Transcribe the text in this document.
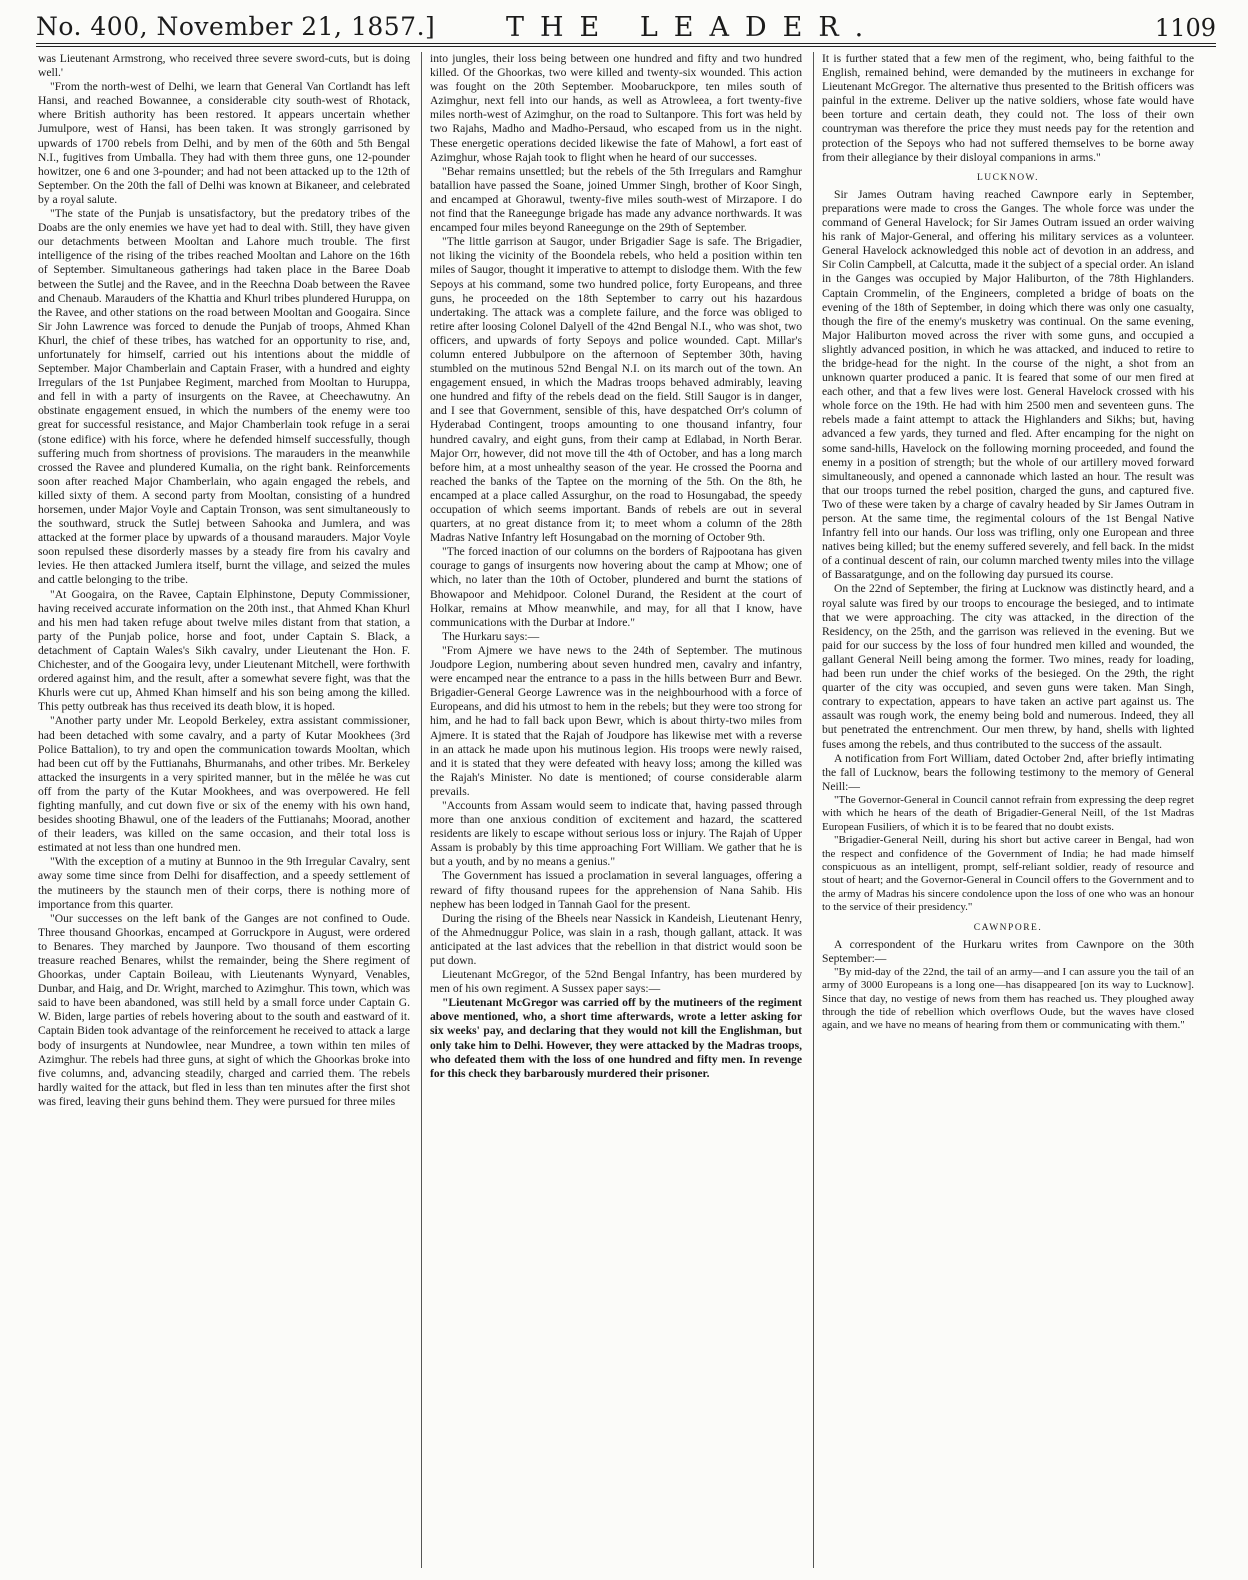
No. 400, November 21, 1857.]	THE LEADER.	1109

was Lieutenant Armstrong, who received three severe sword-cuts, but is doing well.'

"From the north-west of Delhi, we learn that General Van Cortlandt has left Hansi, and reached Bowannee, a considerable city south-west of Rhotack, where British authority has been restored. It appears uncertain whether Jumulpore, west of Hansi, has been taken. It was strongly garrisoned by upwards of 1700 rebels from Delhi, and by men of the 60th and 5th Bengal N.I., fugitives from Umballa. They had with them three guns, one 12-pounder howitzer, one 6 and one 3-pounder; and had not been attacked up to the 12th of September. On the 20th the fall of Delhi was known at Bikaneer, and celebrated by a royal salute.

"The state of the Punjab is unsatisfactory, but the predatory tribes of the Doabs are the only enemies we have yet had to deal with. Still, they have given our detachments between Mooltan and Lahore much trouble. The first intelligence of the rising of the tribes reached Mooltan and Lahore on the 16th of September. Simultaneous gatherings had taken place in the Baree Doab between the Sutlej and the Ravee, and in the Reechna Doab between the Ravee and Chenaub. Marauders of the Khattia and Khurl tribes plundered Huruppa, on the Ravee, and other stations on the road between Mooltan and Googaira. Since Sir John Lawrence was forced to denude the Punjab of troops, Ahmed Khan Khurl, the chief of these tribes, has watched for an opportunity to rise, and, unfortunately for himself, carried out his intentions about the middle of September. Major Chamberlain and Captain Fraser, with a hundred and eighty Irregulars of the 1st Punjabee Regiment, marched from Mooltan to Huruppa, and fell in with a party of insurgents on the Ravee, at Cheechawutny. An obstinate engagement ensued, in which the numbers of the enemy were too great for successful resistance, and Major Chamberlain took refuge in a serai (stone edifice) with his force, where he defended himself successfully, though suffering much from shortness of provisions. The marauders in the meanwhile crossed the Ravee and plundered Kumalia, on the right bank. Reinforcements soon after reached Major Chamberlain, who again engaged the rebels, and killed sixty of them. A second party from Mooltan, consisting of a hundred horsemen, under Major Voyle and Captain Tronson, was sent simultaneously to the southward, struck the Sutlej between Sahooka and Jumlera, and was attacked at the former place by upwards of a thousand marauders. Major Voyle soon repulsed these disorderly masses by a steady fire from his cavalry and levies. He then attacked Jumlera itself, burnt the village, and seized the mules and cattle belonging to the tribe.

"At Googaira, on the Ravee, Captain Elphinstone, Deputy Commissioner, having received accurate information on the 20th inst., that Ahmed Khan Khurl and his men had taken refuge about twelve miles distant from that station, a party of the Punjab police, horse and foot, under Captain S. Black, a detachment of Captain Wales's Sikh cavalry, under Lieutenant the Hon. F. Chichester, and of the Googaira levy, under Lieutenant Mitchell, were forthwith ordered against him, and the result, after a somewhat severe fight, was that the Khurls were cut up, Ahmed Khan himself and his son being among the killed. This petty outbreak has thus received its death blow, it is hoped.

"Another party under Mr. Leopold Berkeley, extra assistant commissioner, had been detached with some cavalry, and a party of Kutar Mookhees (3rd Police Battalion), to try and open the communication towards Mooltan, which had been cut off by the Futtianahs, Bhurmanahs, and other tribes. Mr. Berkeley attacked the insurgents in a very spirited manner, but in the mêlée he was cut off from the party of the Kutar Mookhees, and was overpowered. He fell fighting manfully, and cut down five or six of the enemy with his own hand, besides shooting Bhawul, one of the leaders of the Futtianahs; Moorad, another of their leaders, was killed on the same occasion, and their total loss is estimated at not less than one hundred men.

"With the exception of a mutiny at Bunnoo in the 9th Irregular Cavalry, sent away some time since from Delhi for disaffection, and a speedy settlement of the mutineers by the staunch men of their corps, there is nothing more of importance from this quarter.

"Our successes on the left bank of the Ganges are not confined to Oude. Three thousand Ghoorkas, encamped at Gorruckpore in August, were ordered to Benares. They marched by Jaunpore. Two thousand of them escorting treasure reached Benares, whilst the remainder, being the Shere regiment of Ghoorkas, under Captain Boileau, with Lieutenants Wynyard, Venables, Dunbar, and Haig, and Dr. Wright, marched to Azimghur. This town, which was said to have been abandoned, was still held by a small force under Captain G. W. Biden, large parties of rebels hovering about to the south and eastward of it. Captain Biden took advantage of the reinforcement he received to attack a large body of insurgents at Nundowlee, near Mundree, a town within ten miles of Azimghur. The rebels had three guns, at sight of which the Ghoorkas broke into five columns, and, advancing steadily, charged and carried them. The rebels hardly waited for the attack, but fled in less than ten minutes after the first shot was fired, leaving their guns behind them. They were pursued for three miles

into jungles, their loss being between one hundred and fifty and two hundred killed. Of the Ghoorkas, two were killed and twenty-six wounded. This action was fought on the 20th September. Moobaruckpore, ten miles south of Azimghur, next fell into our hands, as well as Atrowleea, a fort twenty-five miles north-west of Azimghur, on the road to Sultanpore. This fort was held by two Rajahs, Madho and Madho-Persaud, who escaped from us in the night. These energetic operations decided likewise the fate of Mahowl, a fort east of Azimghur, whose Rajah took to flight when he heard of our successes.

"Behar remains unsettled; but the rebels of the 5th Irregulars and Ramghur batallion have passed the Soane, joined Ummer Singh, brother of Koor Singh, and encamped at Ghorawul, twenty-five miles south-west of Mirzapore. I do not find that the Raneegunge brigade has made any advance northwards. It was encamped four miles beyond Raneegunge on the 29th of September.

"The little garrison at Saugor, under Brigadier Sage is safe. The Brigadier, not liking the vicinity of the Boondela rebels, who held a position within ten miles of Saugor, thought it imperative to attempt to dislodge them. With the few Sepoys at his command, some two hundred police, forty Europeans, and three guns, he proceeded on the 18th September to carry out his hazardous undertaking. The attack was a complete failure, and the force was obliged to retire after loosing Colonel Dalyell of the 42nd Bengal N.I., who was shot, two officers, and upwards of forty Sepoys and police wounded. Capt. Millar's column entered Jubbulpore on the afternoon of September 30th, having stumbled on the mutinous 52nd Bengal N.I. on its march out of the town. An engagement ensued, in which the Madras troops behaved admirably, leaving one hundred and fifty of the rebels dead on the field. Still Saugor is in danger, and I see that Government, sensible of this, have despatched Orr's column of Hyderabad Contingent, troops amounting to one thousand infantry, four hundred cavalry, and eight guns, from their camp at Edlabad, in North Berar. Major Orr, however, did not move till the 4th of October, and has a long march before him, at a most unhealthy season of the year. He crossed the Poorna and reached the banks of the Taptee on the morning of the 5th. On the 8th, he encamped at a place called Assurghur, on the road to Hosungabad, the speedy occupation of which seems important. Bands of rebels are out in several quarters, at no great distance from it; to meet whom a column of the 28th Madras Native Infantry left Hosungabad on the morning of October 9th.

"The forced inaction of our columns on the borders of Rajpootana has given courage to gangs of insurgents now hovering about the camp at Mhow; one of which, no later than the 10th of October, plundered and burnt the stations of Bhowapoor and Mehidpoor. Colonel Durand, the Resident at the court of Holkar, remains at Mhow meanwhile, and may, for all that I know, have communications with the Durbar at Indore."

The Hurkaru says:—

"From Ajmere we have news to the 24th of September. The mutinous Joudpore Legion, numbering about seven hundred men, cavalry and infantry, were encamped near the entrance to a pass in the hills between Burr and Bewr. Brigadier-General George Lawrence was in the neighbourhood with a force of Europeans, and did his utmost to hem in the rebels; but they were too strong for him, and he had to fall back upon Bewr, which is about thirty-two miles from Ajmere. It is stated that the Rajah of Joudpore has likewise met with a reverse in an attack he made upon his mutinous legion. His troops were newly raised, and it is stated that they were defeated with heavy loss; among the killed was the Rajah's Minister. No date is mentioned; of course considerable alarm prevails.

"Accounts from Assam would seem to indicate that, having passed through more than one anxious condition of excitement and hazard, the scattered residents are likely to escape without serious loss or injury. The Rajah of Upper Assam is probably by this time approaching Fort William. We gather that he is but a youth, and by no means a genius."

The Government has issued a proclamation in several languages, offering a reward of fifty thousand rupees for the apprehension of Nana Sahib. His nephew has been lodged in Tannah Gaol for the present.

During the rising of the Bheels near Nassick in Kandeish, Lieutenant Henry, of the Ahmednuggur Police, was slain in a rash, though gallant, attack. It was anticipated at the last advices that the rebellion in that district would soon be put down.

Lieutenant McGregor, of the 52nd Bengal Infantry, has been murdered by men of his own regiment. A Sussex paper says:—

"Lieutenant McGregor was carried off by the mutineers of the regiment above mentioned, who, a short time afterwards, wrote a letter asking for six weeks' pay, and declaring that they would not kill the Englishman, but only take him to Delhi. However, they were attacked by the Madras troops, who defeated them with the loss of one hundred and fifty men. In revenge for this check they barbarously murdered their prisoner.

It is further stated that a few men of the regiment, who, being faithful to the English, remained behind, were demanded by the mutineers in exchange for Lieutenant McGregor. The alternative thus presented to the British officers was painful in the extreme. Deliver up the native soldiers, whose fate would have been torture and certain death, they could not. The loss of their own countryman was therefore the price they must needs pay for the retention and protection of the Sepoys who had not suffered themselves to be borne away from their allegiance by their disloyal companions in arms."

LUCKNOW.

Sir James Outram having reached Cawnpore early in September, preparations were made to cross the Ganges. The whole force was under the command of General Havelock; for Sir James Outram issued an order waiving his rank of Major-General, and offering his military services as a volunteer. General Havelock acknowledged this noble act of devotion in an address, and Sir Colin Campbell, at Calcutta, made it the subject of a special order. An island in the Ganges was occupied by Major Haliburton, of the 78th Highlanders. Captain Crommelin, of the Engineers, completed a bridge of boats on the evening of the 18th of September, in doing which there was only one casualty, though the fire of the enemy's musketry was continual. On the same evening, Major Haliburton moved across the river with some guns, and occupied a slightly advanced position, in which he was attacked, and induced to retire to the bridge-head for the night. In the course of the night, a shot from an unknown quarter produced a panic. It is feared that some of our men fired at each other, and that a few lives were lost. General Havelock crossed with his whole force on the 19th. He had with him 2500 men and seventeen guns. The rebels made a faint attempt to attack the Highlanders and Sikhs; but, having advanced a few yards, they turned and fled. After encamping for the night on some sand-hills, Havelock on the following morning proceeded, and found the enemy in a position of strength; but the whole of our artillery moved forward simultaneously, and opened a cannonade which lasted an hour. The result was that our troops turned the rebel position, charged the guns, and captured five. Two of these were taken by a charge of cavalry headed by Sir James Outram in person. At the same time, the regimental colours of the 1st Bengal Native Infantry fell into our hands. Our loss was trifling, only one European and three natives being killed; but the enemy suffered severely, and fell back. In the midst of a continual descent of rain, our column marched twenty miles into the village of Bassaratgunge, and on the following day pursued its course.

On the 22nd of September, the firing at Lucknow was distinctly heard, and a royal salute was fired by our troops to encourage the besieged, and to intimate that we were approaching. The city was attacked, in the direction of the Residency, on the 25th, and the garrison was relieved in the evening. But we paid for our success by the loss of four hundred men killed and wounded, the gallant General Neill being among the former. Two mines, ready for loading, had been run under the chief works of the besieged. On the 29th, the right quarter of the city was occupied, and seven guns were taken. Man Singh, contrary to expectation, appears to have taken an active part against us. The assault was rough work, the enemy being bold and numerous. Indeed, they all but penetrated the entrenchment. Our men threw, by hand, shells with lighted fuses among the rebels, and thus contributed to the success of the assault.

A notification from Fort William, dated October 2nd, after briefly intimating the fall of Lucknow, bears the following testimony to the memory of General Neill:—

"The Governor-General in Council cannot refrain from expressing the deep regret with which he hears of the death of Brigadier-General Neill, of the 1st Madras European Fusiliers, of which it is to be feared that no doubt exists.

"Brigadier-General Neill, during his short but active career in Bengal, had won the respect and confidence of the Government of India; he had made himself conspicuous as an intelligent, prompt, self-reliant soldier, ready of resource and stout of heart; and the Governor-General in Council offers to the Government and to the army of Madras his sincere condolence upon the loss of one who was an honour to the service of their presidency."

CAWNPORE.

A correspondent of the Hurkaru writes from Cawnpore on the 30th September:—

"By mid-day of the 22nd, the tail of an army—and I can assure you the tail of an army of 3000 Europeans is a long one—has disappeared [on its way to Lucknow]. Since that day, no vestige of news from them has reached us. They ploughed away through the tide of rebellion which overflows Oude, but the waves have closed again, and we have no means of hearing from them or communicating with them."
